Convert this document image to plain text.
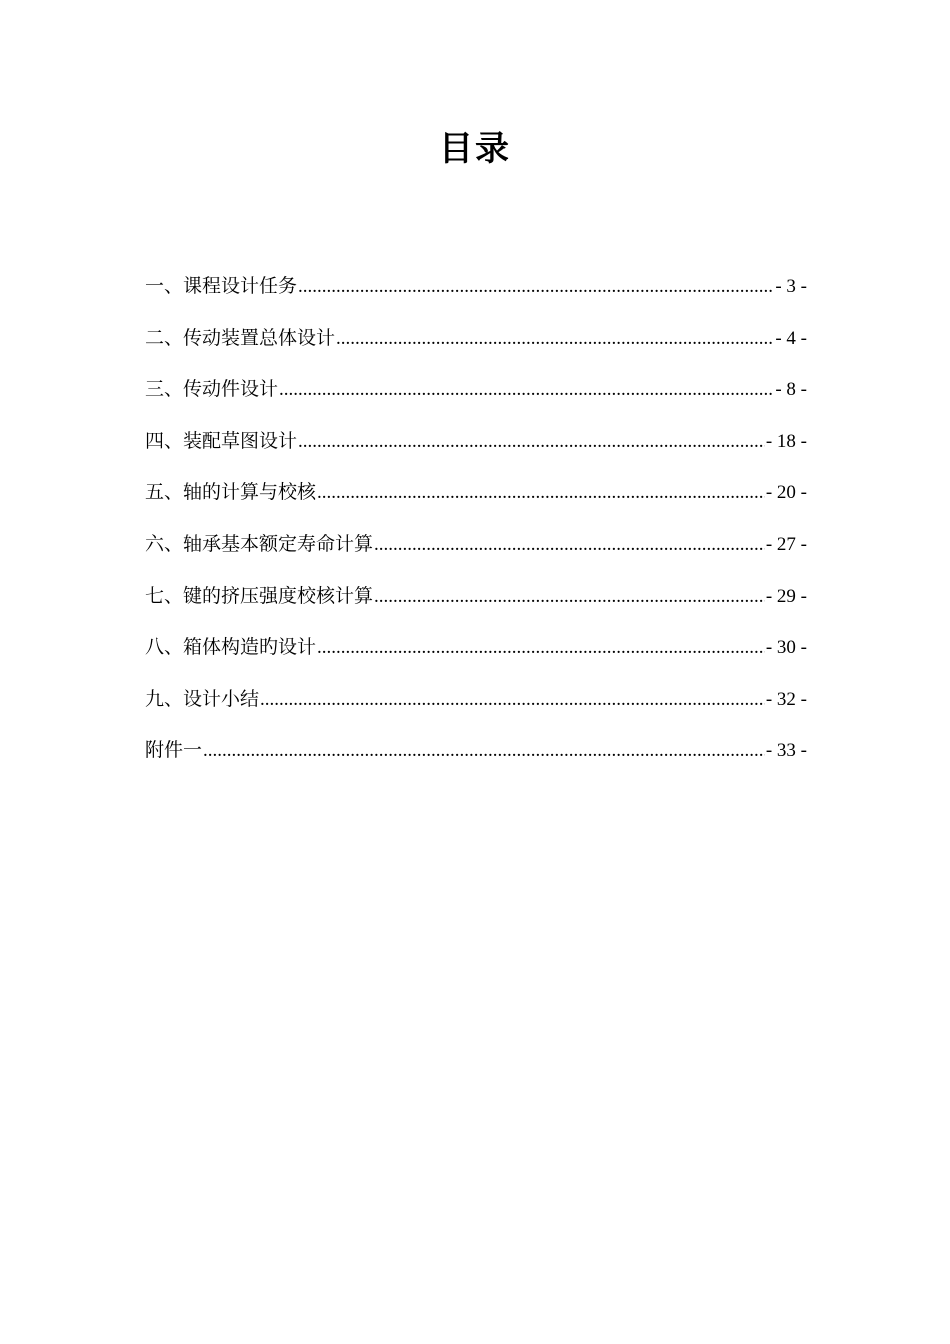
目录
一、课程设计任务 .....	- 3 -
二、传动装置总体设计 .....	- 4 -
三、传动件设计 .....	- 8 -
四、装配草图设计 .....	- 18 -
五、轴的计算与校核 .....	- 20 -
六、轴承基本额定寿命计算 .....	- 27 -
七、键的挤压强度校核计算 .....	- 29 -
八、箱体构造旳设计 .....	- 30 -
九、设计小结 .....	- 32 -
附件一 .....	- 33 -
